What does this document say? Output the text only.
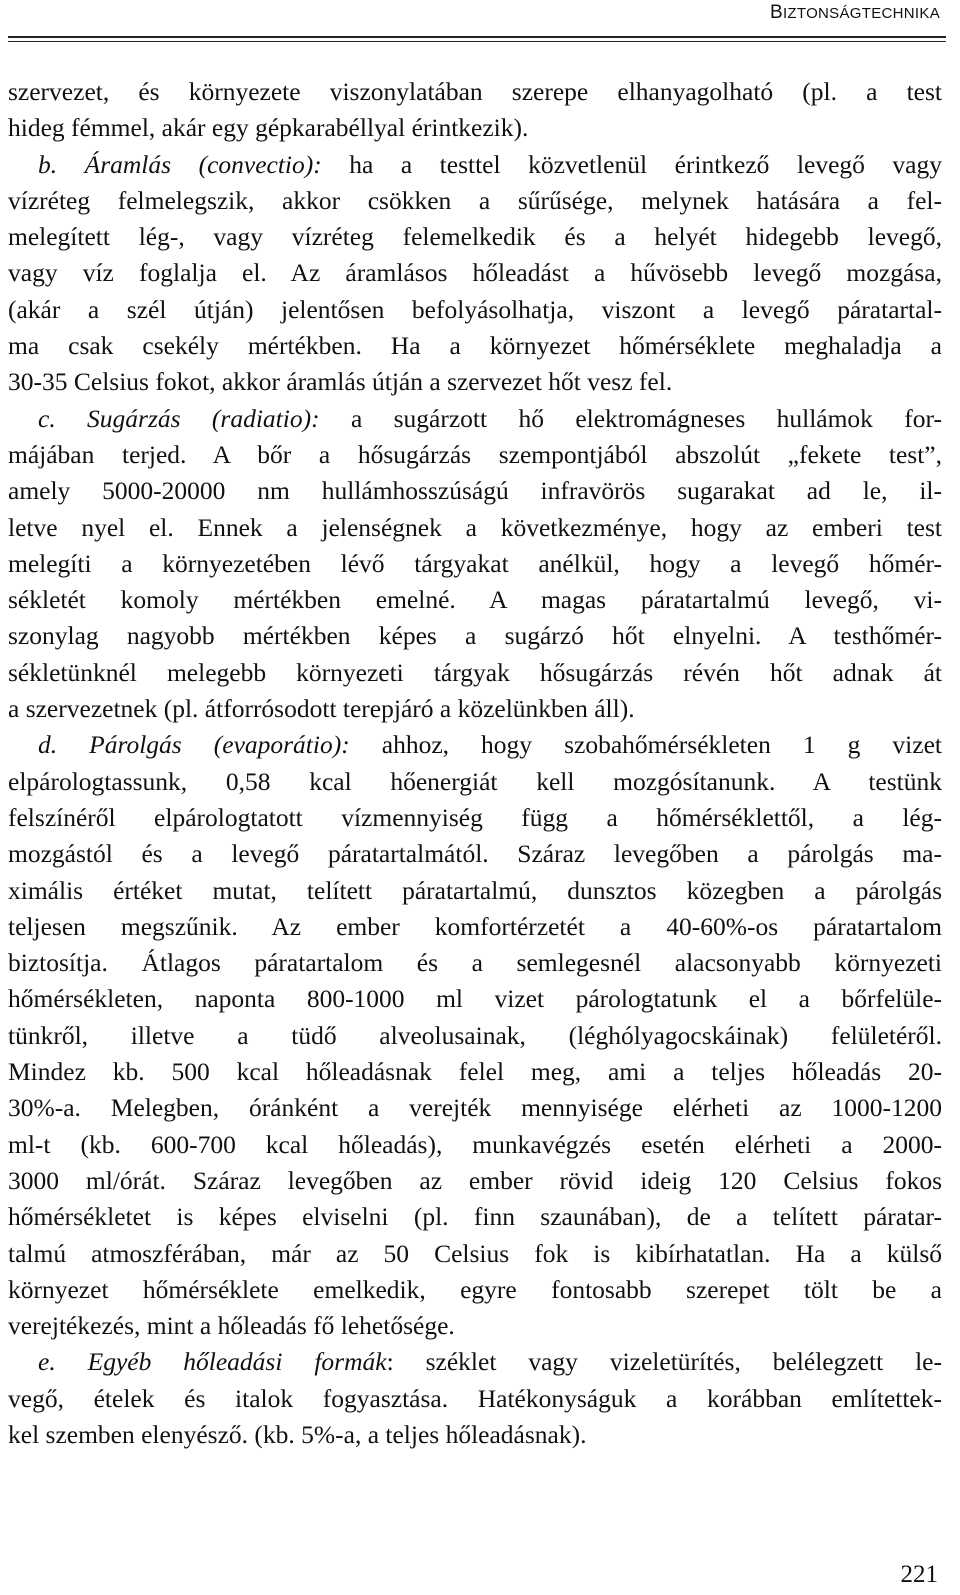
BIZTONSÁGTECHNIKA
szervezet, és környezete viszonylatában szerepe elhanyagolható (pl. a test
hideg fémmel, akár egy gépkarabéllyal érintkezik).
b. Áramlás (convectio): ha a testtel közvetlenül érintkező levegő vagy
vízréteg felmelegszik, akkor csökken a sűrűsége, melynek hatására a fel-
melegített lég-, vagy vízréteg felemelkedik és a helyét hidegebb levegő,
vagy víz foglalja el. Az áramlásos hőleadást a hűvösebb levegő mozgása,
(akár a szél útján) jelentősen befolyásolhatja, viszont a levegő páratartal-
ma csak csekély mértékben. Ha a környezet hőmérséklete meghaladja a
30-35 Celsius fokot, akkor áramlás útján a szervezet hőt vesz fel.
c. Sugárzás (radiatio): a sugárzott hő elektromágneses hullámok for-
májában terjed. A bőr a hősugárzás szempontjából abszolút „fekete test”,
amely 5000-20000 nm hullámhosszúságú infravörös sugarakat ad le, il-
letve nyel el. Ennek a jelenségnek a következménye, hogy az emberi test
melegíti a környezetében lévő tárgyakat anélkül, hogy a levegő hőmér-
sékletét komoly mértékben emelné. A magas páratartalmú levegő, vi-
szonylag nagyobb mértékben képes a sugárzó hőt elnyelni. A testhőmér-
sékletünknél melegebb környezeti tárgyak hősugárzás révén hőt adnak át
a szervezetnek (pl. átforrósodott terepjáró a közelünkben áll).
d. Párolgás (evaporátio): ahhoz, hogy szobahőmérsékleten 1 g vizet
elpárologtassunk, 0,58 kcal hőenergiát kell mozgósítanunk. A testünk
felszínéről elpárologtatott vízmennyiség függ a hőmérséklettől, a lég-
mozgástól és a levegő páratartalmától. Száraz levegőben a párolgás ma-
ximális értéket mutat, telített páratartalmú, dunsztos közegben a párolgás
teljesen megszűnik. Az ember komfortérzetét a 40-60%-os páratartalom
biztosítja. Átlagos páratartalom és a semlegesnél alacsonyabb környezeti
hőmérsékleten, naponta 800-1000 ml vizet párologtatunk el a bőrfelülе-
tünkről, illetve a tüdő alveolusainak, (léghólyagocskáinak) felületéről.
Mindez kb. 500 kcal hőleadásnak felel meg, ami a teljes hőleadás 20-
30%-a. Melegben, óránként a verejték mennyisége elérheti az 1000-1200
ml-t (kb. 600-700 kcal hőleadás), munkavégzés esetén elérheti a 2000-
3000 ml/órát. Száraz levegőben az ember rövid ideig 120 Celsius fokos
hőmérsékletet is képes elviselni (pl. finn szaunában), de a telített páratar-
talmú atmoszférában, már az 50 Celsius fok is kibírhatatlan. Ha a külső
környezet hőmérséklete emelkedik, egyre fontosabb szerepet tölt be a
verejtékezés, mint a hőleadás fő lehetősége.
e. Egyéb hőleadási formák: széklet vagy vizeletürítés, belélegzett le-
vegő, ételek és italok fogyasztása. Hatékonyságuk a korábban említettek-
kel szemben elenyésző. (kb. 5%-a, a teljes hőleadásnak).
221
